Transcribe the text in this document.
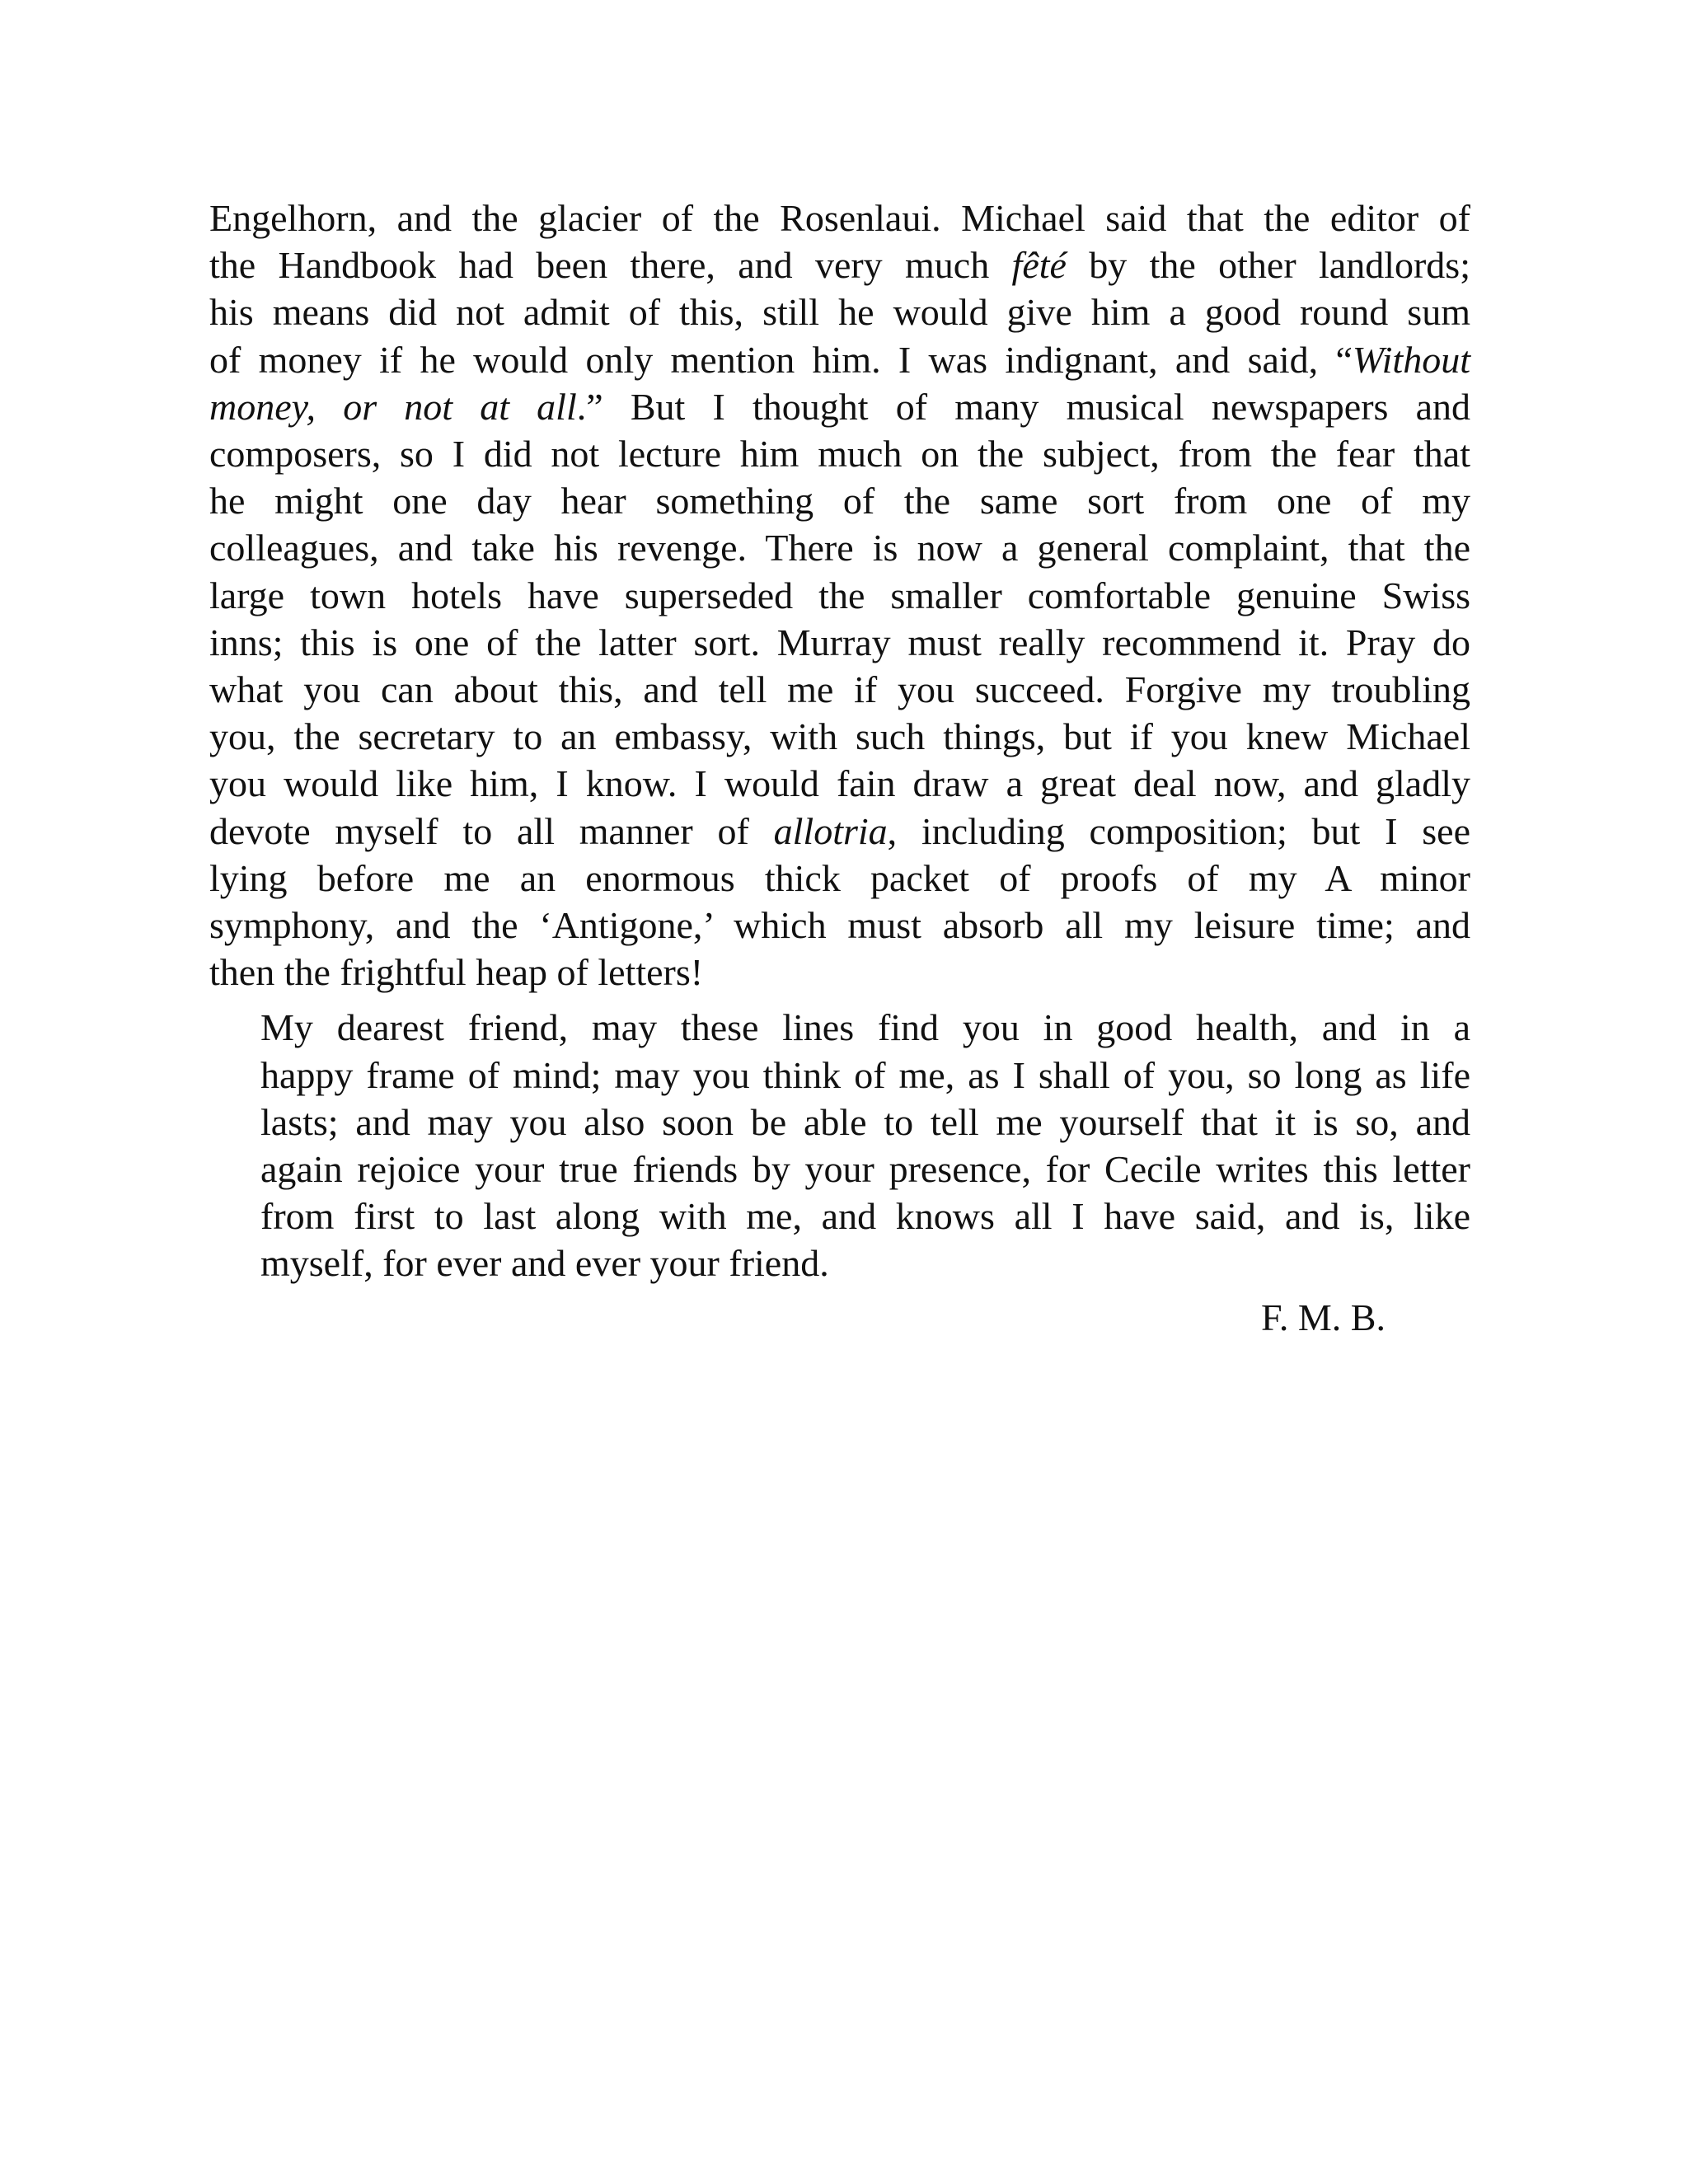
Engelhorn, and the glacier of the Rosenlaui. Michael said that the editor of
the Handbook had been there, and very much fêté by the other landlords;
his means did not admit of this, still he would give him a good round sum
of money if he would only mention him. I was indignant, and said, “Without
money, or not at all.” But I thought of many musical newspapers and
composers, so I did not lecture him much on the subject, from the fear that
he might one day hear something of the same sort from one of my
colleagues, and take his revenge. There is now a general complaint, that the
large town hotels have superseded the smaller comfortable genuine Swiss
inns; this is one of the latter sort. Murray must really recommend it. Pray do
what you can about this, and tell me if you succeed. Forgive my troubling
you, the secretary to an embassy, with such things, but if you knew Michael
you would like him, I know. I would fain draw a great deal now, and gladly
devote myself to all manner of allotria, including composition; but I see
lying before me an enormous thick packet of proofs of my A minor
symphony, and the ‘Antigone,’ which must absorb all my leisure time; and
then the frightful heap of letters!

My dearest friend, may these lines find you in good health, and in a
happy frame of mind; may you think of me, as I shall of you, so long as life
lasts; and may you also soon be able to tell me yourself that it is so, and
again rejoice your true friends by your presence, for Cecile writes this letter
from first to last along with me, and knows all I have said, and is, like
myself, for ever and ever your friend.

F. M. B.
